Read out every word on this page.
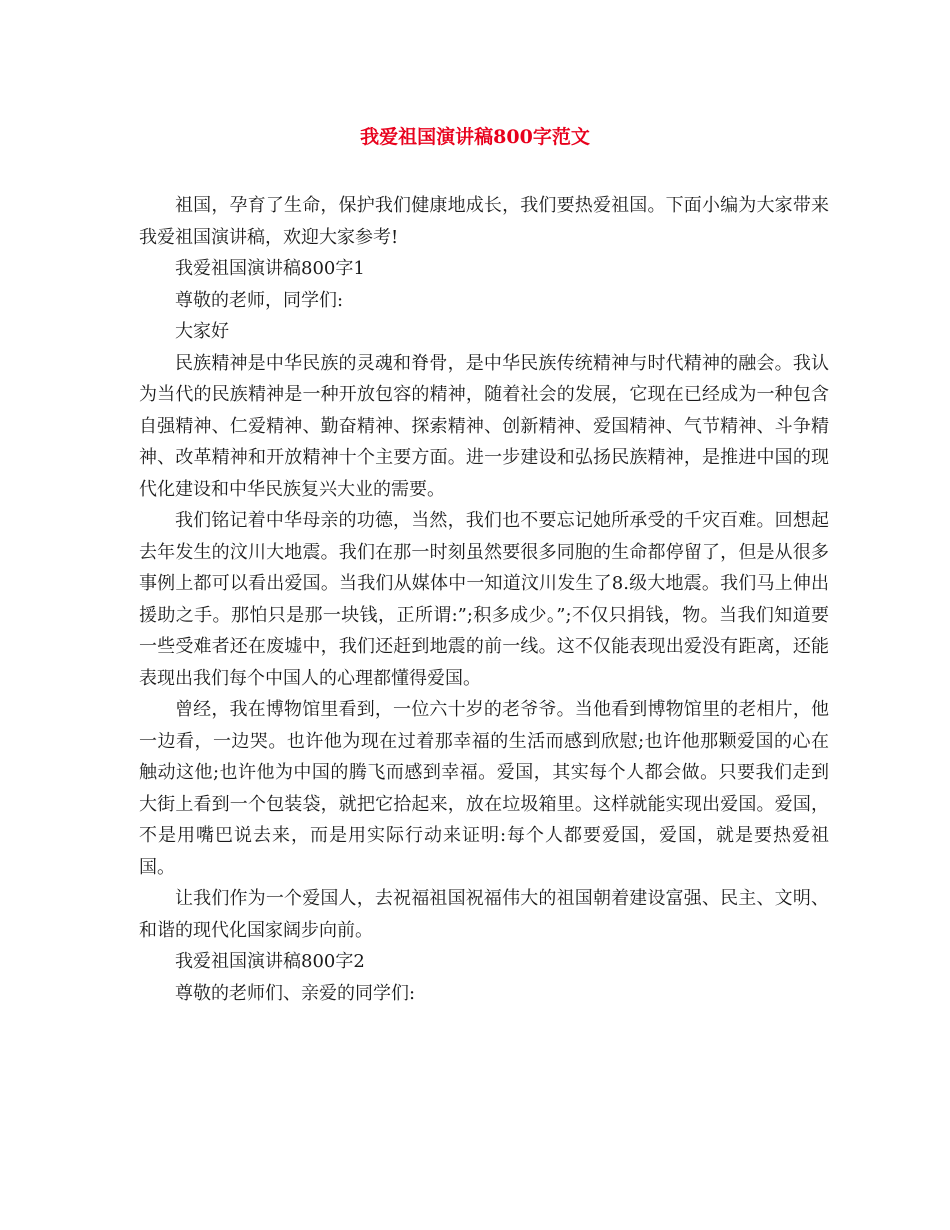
我爱祖国演讲稿800字范文

祖国，孕育了生命，保护我们健康地成长，我们要热爱祖国。下面小编为大家带来我爱祖国演讲稿，欢迎大家参考!

我爱祖国演讲稿800字1

尊敬的老师，同学们:

大家好

民族精神是中华民族的灵魂和脊骨，是中华民族传统精神与时代精神的融会。我认为当代的民族精神是一种开放包容的精神，随着社会的发展，它现在已经成为一种包含自强精神、仁爱精神、勤奋精神、探索精神、创新精神、爱国精神、气节精神、斗争精神、改革精神和开放精神十个主要方面。进一步建设和弘扬民族精神，是推进中国的现代化建设和中华民族复兴大业的需要。

我们铭记着中华母亲的功德，当然，我们也不要忘记她所承受的千灾百难。回想起去年发生的汶川大地震。我们在那一时刻虽然要很多同胞的生命都停留了，但是从很多事例上都可以看出爱国。当我们从媒体中一知道汶川发生了8.级大地震。我们马上伸出援助之手。那怕只是那一块钱，正所谓:”;积多成少。”;不仅只捐钱，物。当我们知道要一些受难者还在废墟中，我们还赶到地震的前一线。这不仅能表现出爱没有距离，还能表现出我们每个中国人的心理都懂得爱国。

曾经，我在博物馆里看到，一位六十岁的老爷爷。当他看到博物馆里的老相片，他一边看，一边哭。也许他为现在过着那幸福的生活而感到欣慰;也许他那颗爱国的心在触动这他;也许他为中国的腾飞而感到幸福。爱国，其实每个人都会做。只要我们走到大街上看到一个包装袋，就把它拾起来，放在垃圾箱里。这样就能实现出爱国。爱国，不是用嘴巴说去来，而是用实际行动来证明:每个人都要爱国，爱国，就是要热爱祖国。

让我们作为一个爱国人，去祝福祖国祝福伟大的祖国朝着建设富强、民主、文明、和谐的现代化国家阔步向前。

我爱祖国演讲稿800字2

尊敬的老师们、亲爱的同学们:
